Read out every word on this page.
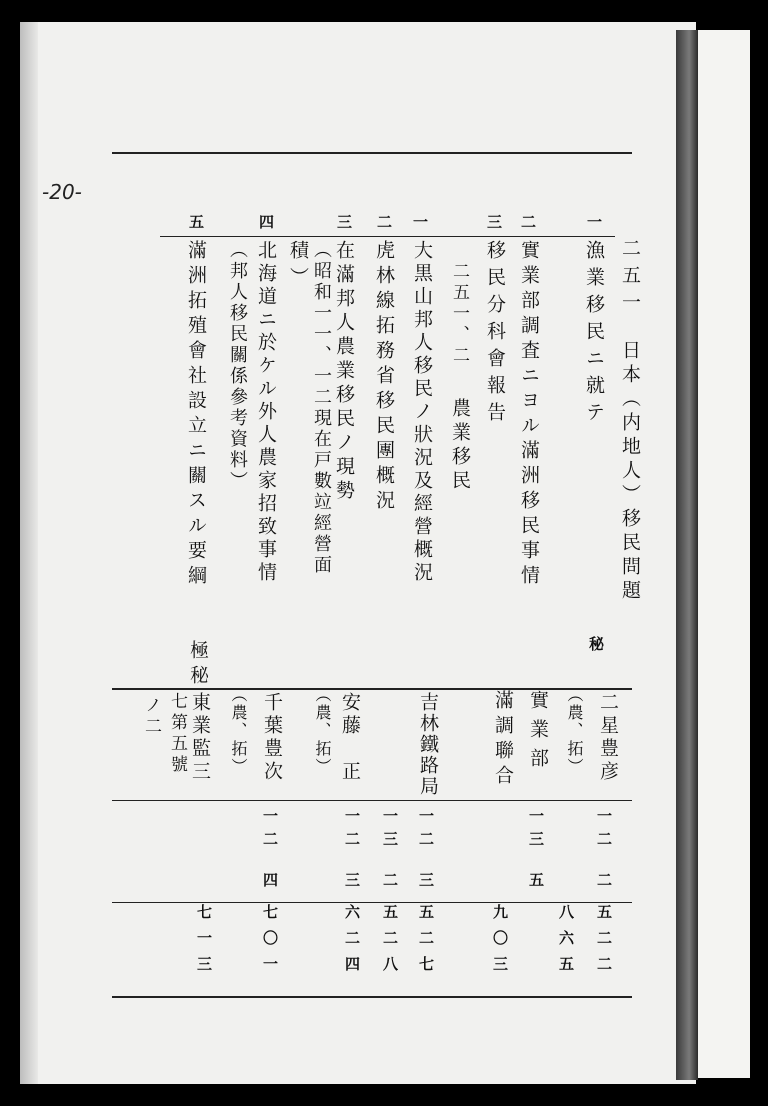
-20-
二五一
日本（内地人）移民問題
一
漁業移民ニ就テ
秘
二星豊彦
（農、拓）
一二
二
五
二
二
二
實業部調査ニヨル滿洲移民事情
實業部
一三
五
八
六
五
三
移民分科會報告
滿調聯合
九
〇
三
二五一、二
農業移民
一
大黒山邦人移民ノ狀況及經營概況
吉林鐵路局
一二
三
五
二
七
二
虎林線拓務省移民團概況
一三
二
五
二
八
三
在滿邦人農業移民ノ現勢
（昭和一一、一二現在戸數竝經營面
積）
安藤　正
（農、拓）
一二
三
六
二
四
四
北海道ニ於ケル外人農家招致事情
（邦人移民關係參考資料）
千葉豊次
（農、拓）
一二
四
七
〇
一
五
滿洲拓殖會社設立ニ關スル要綱
極秘
東業監三
七第五號
ノ二
七
一
三
